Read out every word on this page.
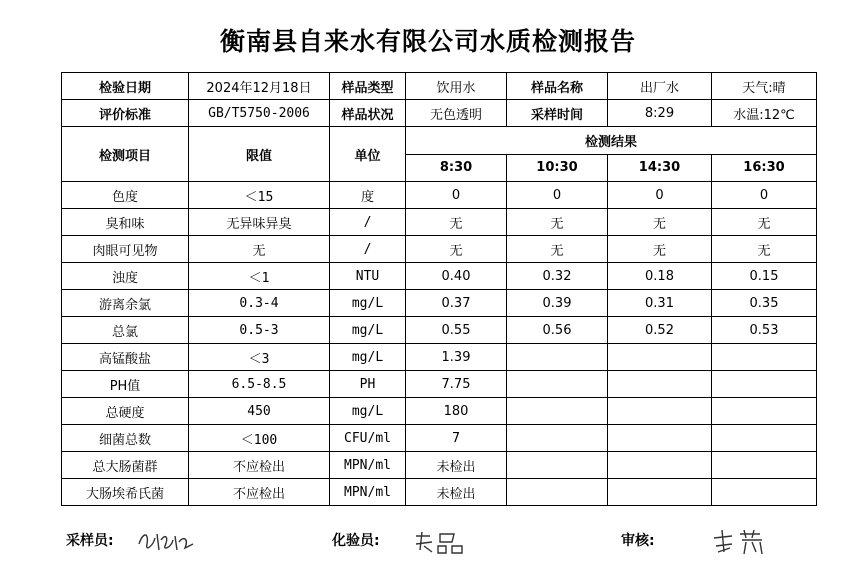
衡南县自来水有限公司水质检测报告
检验日期	2024年12月18日	样品类型	饮用水	样品名称	出厂水	天气:晴
评价标准	GB/T5750-2006	样品状况	无色透明	采样时间	8:29	水温:12℃
检测项目	限值	单位	检测结果			
			8:30	10:30	14:30	16:30
色度	＜15	度	0	0	0	0
臭和味	无异味异臭	/	无	无	无	无
肉眼可见物	无	/	无	无	无	无
浊度	＜1	NTU	0.40	0.32	0.18	0.15
游离余氯	0.3-4	mg/L	0.37	0.39	0.31	0.35
总氯	0.5-3	mg/L	0.55	0.56	0.52	0.53
高锰酸盐	＜3	mg/L	1.39			
PH值	6.5-8.5	PH	7.75			
总硬度	450	mg/L	180			
细菌总数	＜100	CFU/ml	7			
总大肠菌群	不应检出	MPN/ml	未检出			
大肠埃希氏菌	不应检出	MPN/ml	未检出			
采样员:	化验员:	审核:
